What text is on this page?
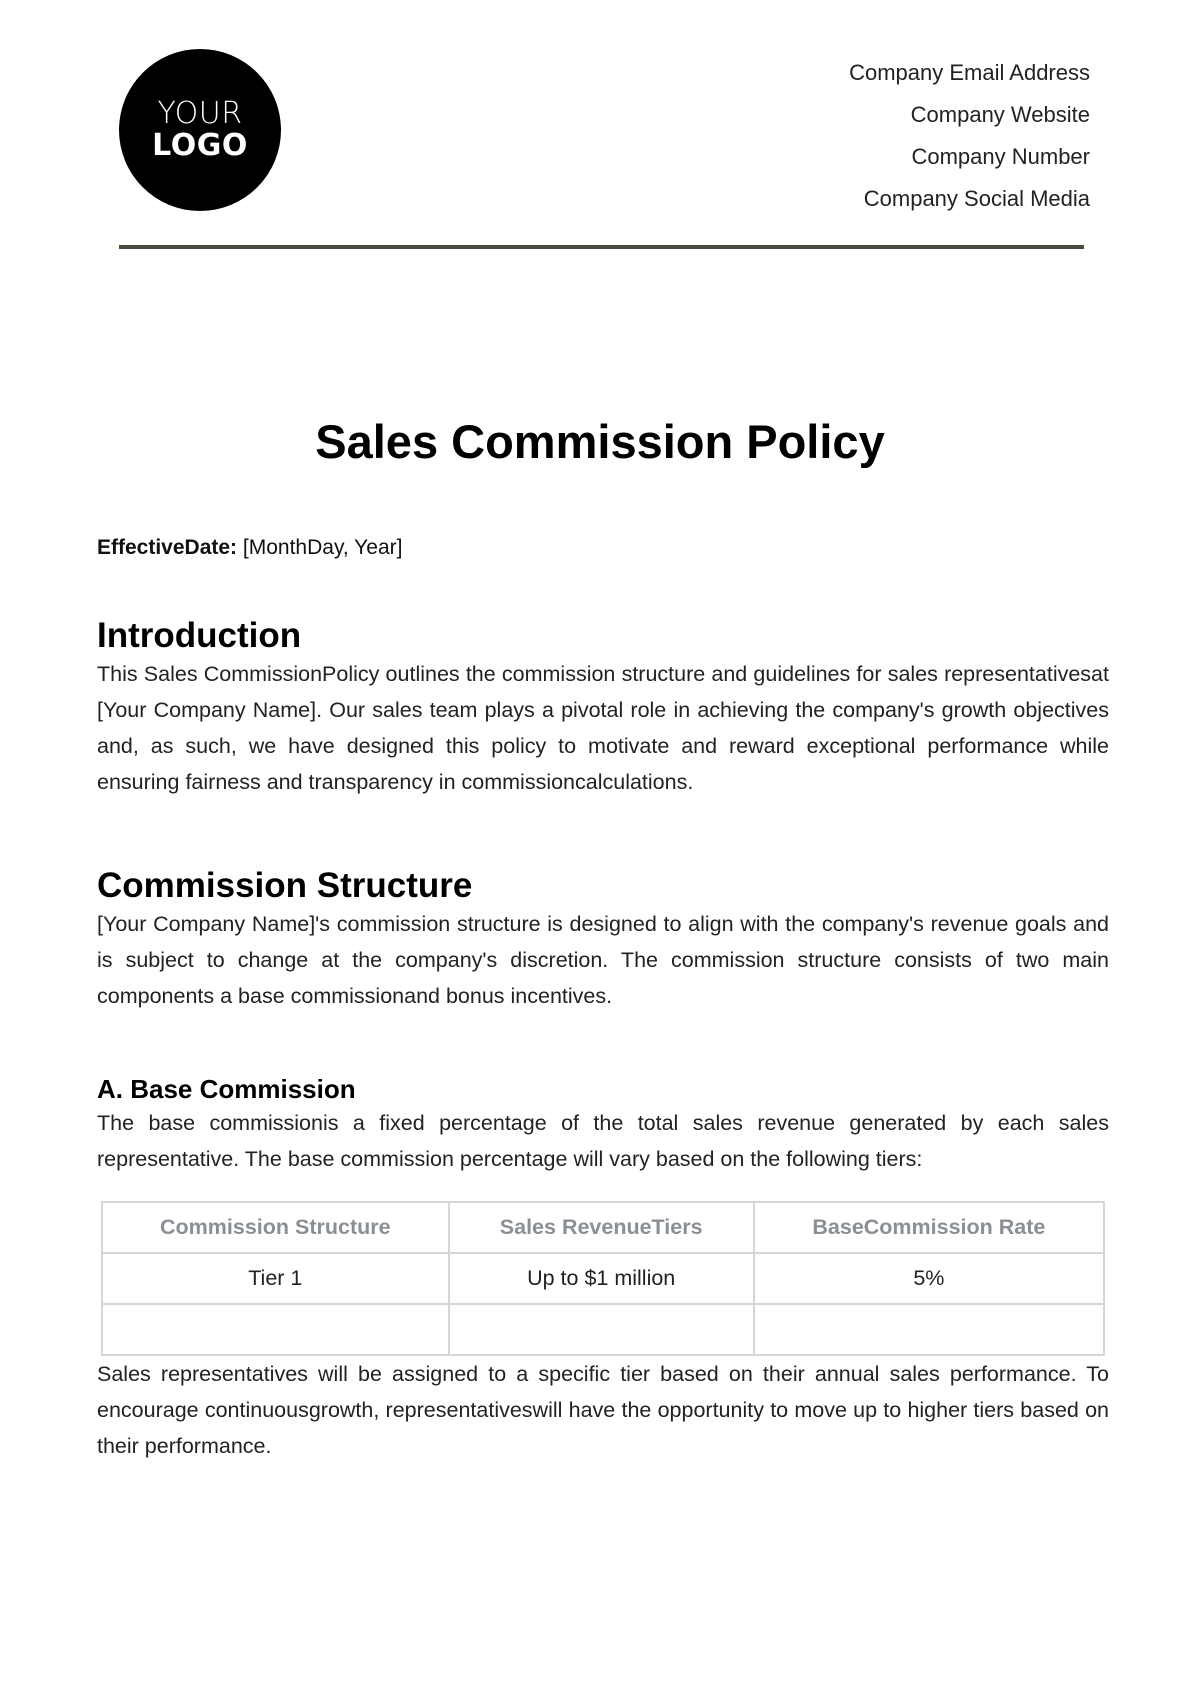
YOUR
LOGO
Company Email Address
Company Website
Company Number
Company Social Media
Sales Commission Policy

EffectiveDate: [MonthDay, Year]

Introduction

This Sales CommissionPolicy outlines the commission structure and guidelines for sales representativesat [Your Company Name]. Our sales team plays a pivotal role in achieving the company's growth objectives and, as such, we have designed this policy to motivate and reward exceptional performance while ensuring fairness and transparency in commissioncalculations.

Commission Structure

[Your Company Name]'s commission structure is designed to align with the company's revenue goals and is subject to change at the company's discretion. The commission structure consists of two main components a base commissionand bonus incentives.

A. Base Commission

The base commissionis a fixed percentage of the total sales revenue generated by each sales representative. The base commission percentage will vary based on the following tiers:

Commission Structure	Sales RevenueTiers	BaseCommission Rate
Tier 1	Up to $1 million	5%

Sales representatives will be assigned to a specific tier based on their annual sales performance. To encourage continuousgrowth, representativeswill have the opportunity to move up to higher tiers based on their performance.
